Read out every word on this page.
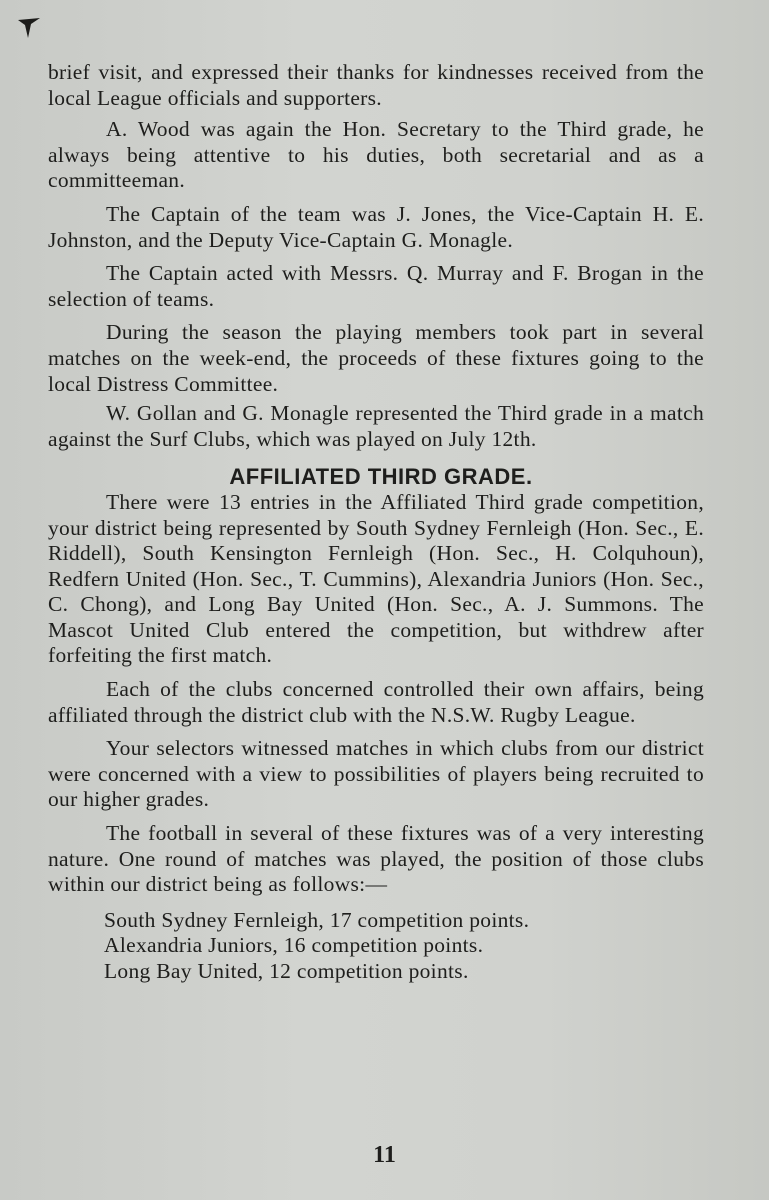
brief visit, and expressed their thanks for kindnesses received from the local League officials and supporters.

A. Wood was again the Hon. Secretary to the Third grade, he always being attentive to his duties, both secretarial and as a committeeman.

The Captain of the team was J. Jones, the Vice-Captain H. E. Johnston, and the Deputy Vice-Captain G. Monagle.

The Captain acted with Messrs. Q. Murray and F. Brogan in the selection of teams.

During the season the playing members took part in several matches on the week-end, the proceeds of these fixtures going to the local Distress Committee.

W. Gollan and G. Monagle represented the Third grade in a match against the Surf Clubs, which was played on July 12th.

AFFILIATED THIRD GRADE.

There were 13 entries in the Affiliated Third grade competition, your district being represented by South Sydney Fernleigh (Hon. Sec., E. Riddell), South Kensington Fernleigh (Hon. Sec., H. Colquhoun), Redfern United (Hon. Sec., T. Cummins), Alexandria Juniors (Hon. Sec., C. Chong), and Long Bay United (Hon. Sec., A. J. Summons. The Mascot United Club entered the competition, but withdrew after forfeiting the first match.

Each of the clubs concerned controlled their own affairs, being affiliated through the district club with the N.S.W. Rugby League.

Your selectors witnessed matches in which clubs from our district were concerned with a view to possibilities of players being recruited to our higher grades.

The football in several of these fixtures was of a very interesting nature. One round of matches was played, the position of those clubs within our district being as follows:—

South Sydney Fernleigh, 17 competition points.
Alexandria Juniors, 16 competition points.
Long Bay United, 12 competition points.
11
